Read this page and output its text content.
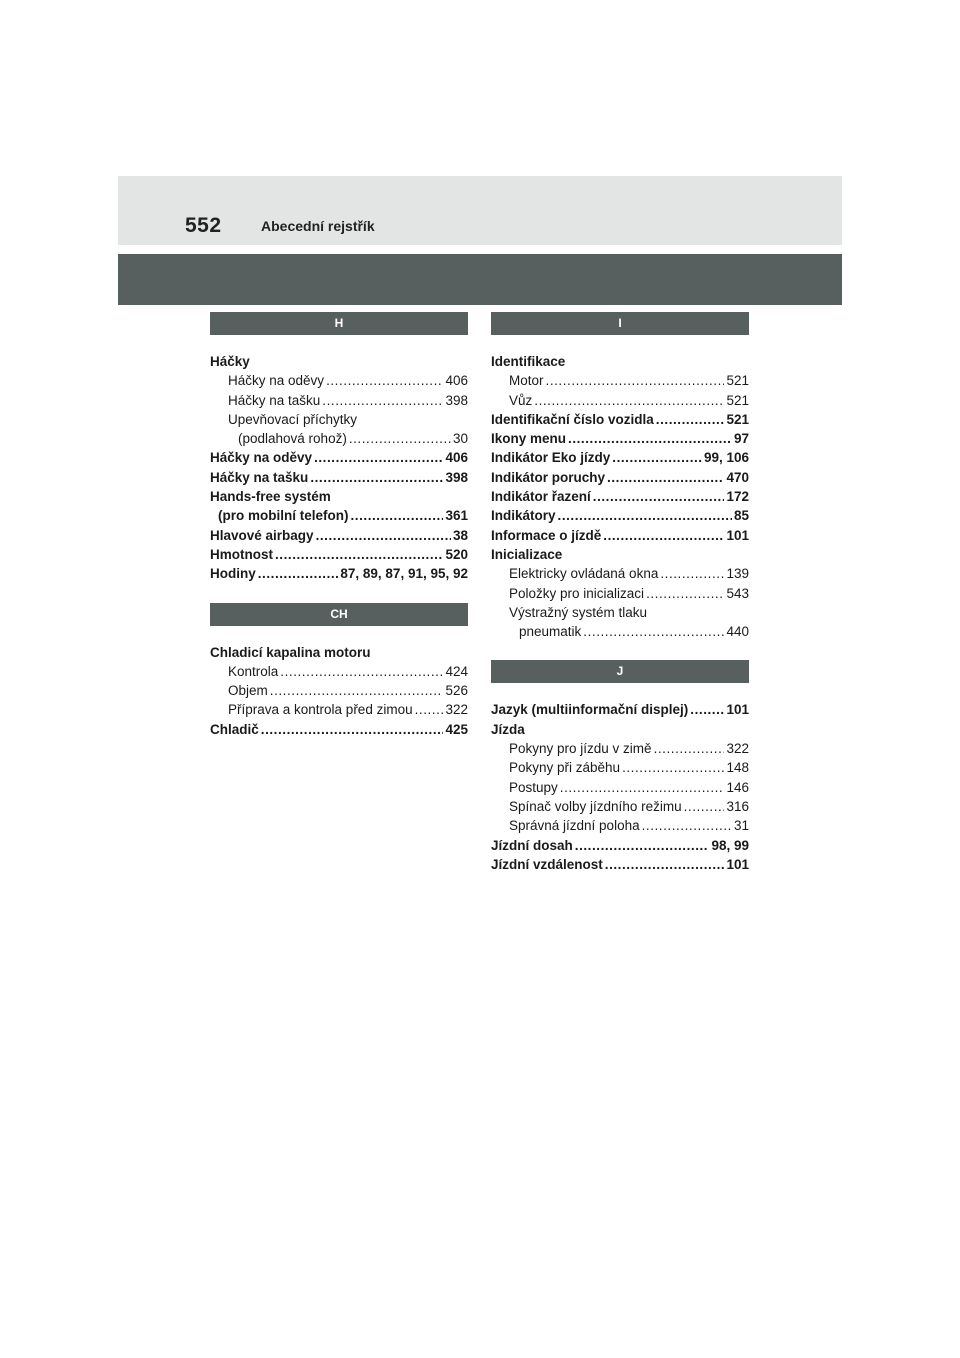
552	Abecední rejstřík
H
Háčky
Háčky na oděvy . . .	406
Háčky na tašku . . .	398
Upevňovací příchytky
(podlahová rohož) . . .	30
Háčky na oděvy . . .	406
Háčky na tašku . . .	398
Hands-free systém
(pro mobilní telefon) . . .	361
Hlavové airbagy . . .	38
Hmotnost . . .	520
Hodiny . . .	87, 89, 87, 91, 95, 92
CH
Chladicí kapalina motoru
Kontrola . . .	424
Objem . . .	526
Příprava a kontrola před zimou . . . 322
Chladič . . .	425
I
Identifikace
Motor . . .	521
Vůz . . .	521
Identifikační číslo vozidla . . .	521
Ikony menu . . .	97
Indikátor Eko jízdy . . .	99, 106
Indikátor poruchy . . .	470
Indikátor řazení . . .	172
Indikátory . . .	85
Informace o jízdě . . .	101
Inicializace
Elektricky ovládaná okna . . .	139
Položky pro inicializaci . . .	543
Výstražný systém tlaku
pneumatik . . .	440
J
Jazyk (multiinformační displej) . . .	101
Jízda
Pokyny pro jízdu v zimě . . .	322
Pokyny při záběhu . . .	148
Postupy . . .	146
Spínač volby jízdního režimu . . .	316
Správná jízdní poloha . . .	31
Jízdní dosah . . .	98, 99
Jízdní vzdálenost . . .	101
